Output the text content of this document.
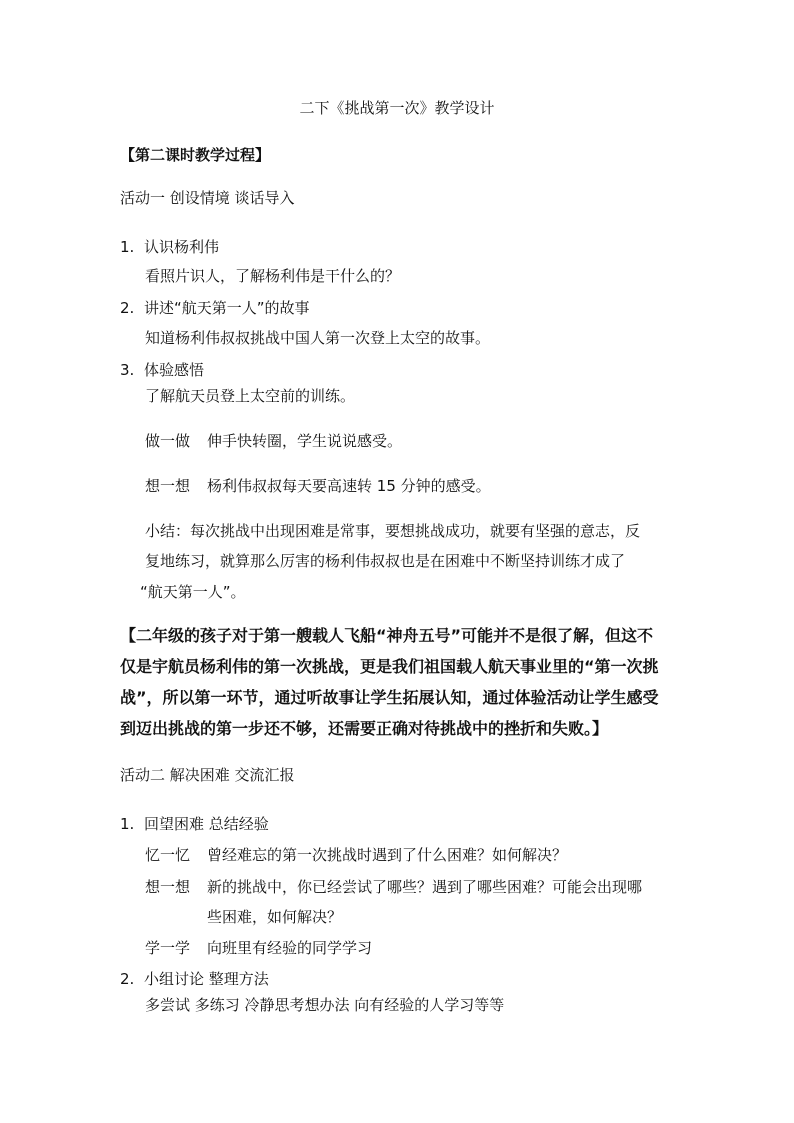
二下《挑战第一次》教学设计
【第二课时教学过程】
活动一 创设情境 谈话导入
1. 认识杨利伟
看照片识人，了解杨利伟是干什么的？
2. 讲述“航天第一人”的故事
知道杨利伟叔叔挑战中国人第一次登上太空的故事。
3. 体验感悟
了解航天员登上太空前的训练。
做一做 伸手快转圈，学生说说感受。
想一想 杨利伟叔叔每天要高速转 15 分钟的感受。
小结：每次挑战中出现困难是常事，要想挑战成功，就要有坚强的意志，反
复地练习，就算那么厉害的杨利伟叔叔也是在困难中不断坚持训练才成了
“航天第一人”。
【二年级的孩子对于第一艘载人飞船“神舟五号”可能并不是很了解，但这不
仅是宇航员杨利伟的第一次挑战，更是我们祖国载人航天事业里的“第一次挑
战”，所以第一环节，通过听故事让学生拓展认知，通过体验活动让学生感受
到迈出挑战的第一步还不够，还需要正确对待挑战中的挫折和失败。】
活动二 解决困难 交流汇报
1. 回望困难 总结经验
忆一忆 曾经难忘的第一次挑战时遇到了什么困难？如何解决？
想一想 新的挑战中，你已经尝试了哪些？遇到了哪些困难？可能会出现哪
些困难，如何解决？
学一学 向班里有经验的同学学习
2. 小组讨论 整理方法
多尝试 多练习 冷静思考想办法 向有经验的人学习等等
